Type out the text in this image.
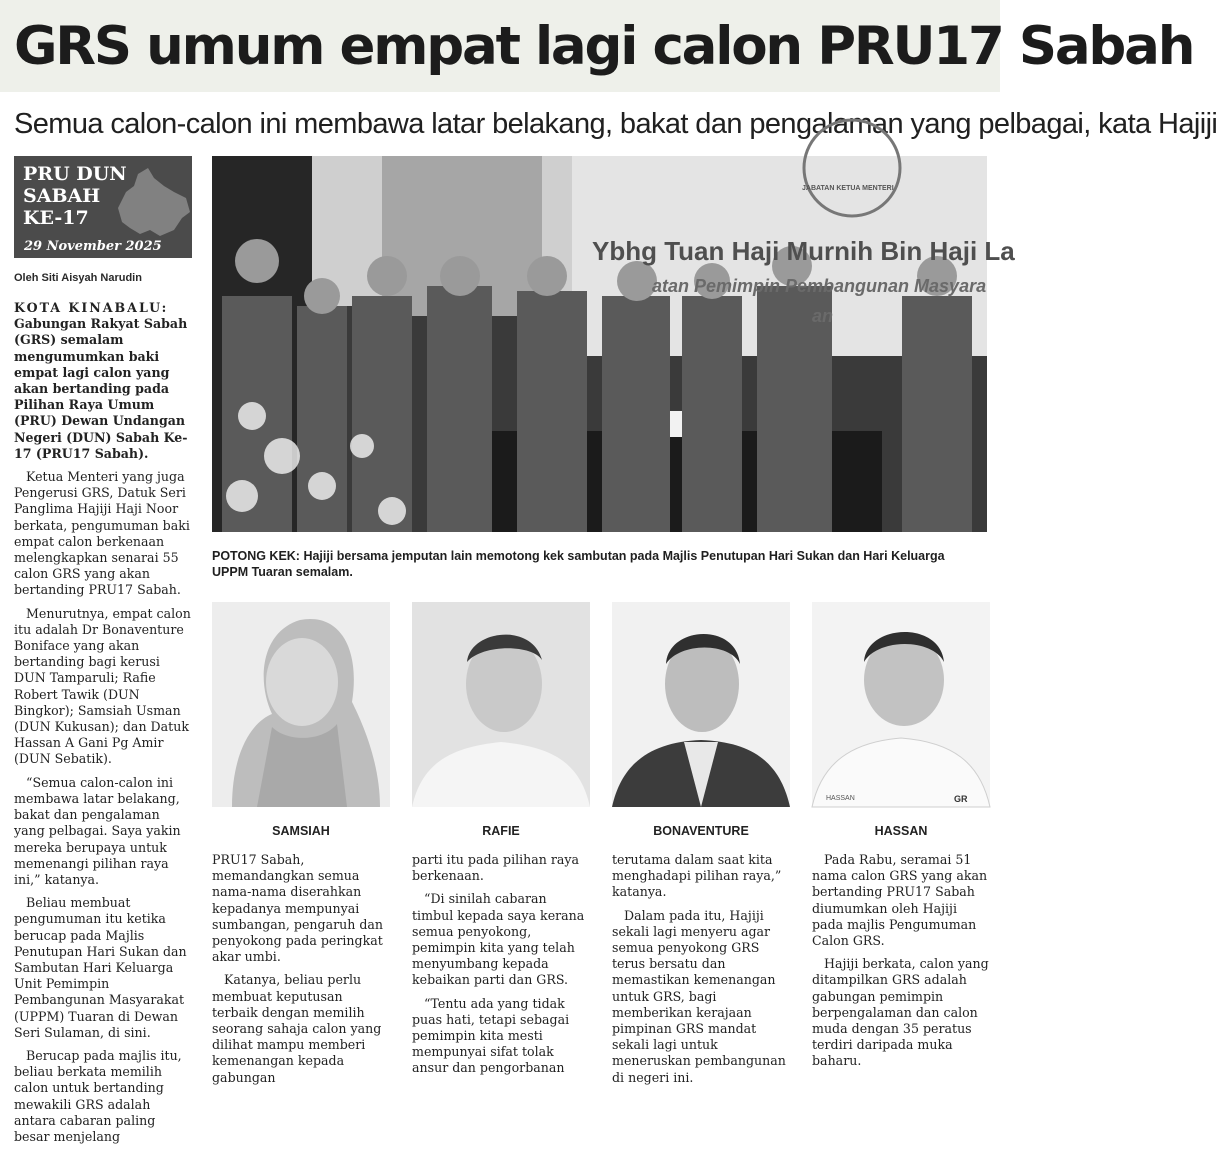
GRS umum empat lagi calon PRU17 Sabah
Semua calon-calon ini membawa latar belakang, bakat dan pengalaman yang pelbagai, kata Hajiji
PRU DUN
SABAH
KE-17
29 November 2025
Oleh Siti Aisyah Narudin

KOTA KINABALU: Gabungan Rakyat Sabah (GRS) semalam mengumumkan baki empat lagi calon yang akan bertanding pada Pilihan Raya Umum (PRU) Dewan Undangan Negeri (DUN) Sabah Ke-17 (PRU17 Sabah).

Ketua Menteri yang juga Pengerusi GRS, Datuk Seri Panglima Hajiji Haji Noor berkata, pengumuman baki empat calon berkenaan melengkapkan senarai 55 calon GRS yang akan bertanding PRU17 Sabah.

Menurutnya, empat calon itu adalah Dr Bonaventure Boniface yang akan bertanding bagi kerusi DUN Tamparuli; Rafie Robert Tawik (DUN Bingkor); Samsiah Usman (DUN Kukusan); dan Datuk Hassan A Gani Pg Amir (DUN Sebatik).

“Semua calon-calon ini membawa latar belakang, bakat dan pengalaman yang pelbagai. Saya yakin mereka berupaya untuk memenangi pilihan raya ini,” katanya.

Beliau membuat pengumuman itu ketika berucap pada Majlis Penutupan Hari Sukan dan Sambutan Hari Keluarga Unit Pemimpin Pembangunan Masyarakat (UPPM) Tuaran di Dewan Seri Sulaman, di sini.

Berucap pada majlis itu, beliau berkata memilih calon untuk bertanding mewakili GRS adalah antara cabaran paling besar menjelang

Ybhg Tuan Haji Murnih Bin Haji La
atan Pemimpin Pembangunan Masyara
an
JABATAN KETUA MENTERI
POTONG KEK: Hajiji bersama jemputan lain memotong kek sambutan pada Majlis Penutupan Hari Sukan dan Hari Keluarga UPPM Tuaran semalam.
HASSAN	GR
SAMSIAH	RAFIE	BONAVENTURE	HASSAN

PRU17 Sabah, memandangkan semua nama-nama diserahkan kepadanya mempunyai sumbangan, pengaruh dan penyokong pada peringkat akar umbi.

Katanya, beliau perlu membuat keputusan terbaik dengan memilih seorang sahaja calon yang dilihat mampu memberi kemenangan kepada gabungan

parti itu pada pilihan raya berkenaan.

“Di sinilah cabaran timbul kepada saya kerana semua penyokong, pemimpin kita yang telah menyumbang kepada kebaikan parti dan GRS.

“Tentu ada yang tidak puas hati, tetapi sebagai pemimpin kita mesti mempunyai sifat tolak ansur dan pengorbanan

terutama dalam saat kita menghadapi pilihan raya,” katanya.

Dalam pada itu, Hajiji sekali lagi menyeru agar semua penyokong GRS terus bersatu dan memastikan kemenangan untuk GRS, bagi memberikan kerajaan pimpinan GRS mandat sekali lagi untuk meneruskan pembangunan di negeri ini.

Pada Rabu, seramai 51 nama calon GRS yang akan bertanding PRU17 Sabah diumumkan oleh Hajiji pada majlis Pengumuman Calon GRS.

Hajiji berkata, calon yang ditampilkan GRS adalah gabungan pemimpin berpengalaman dan calon muda dengan 35 peratus terdiri daripada muka baharu.
